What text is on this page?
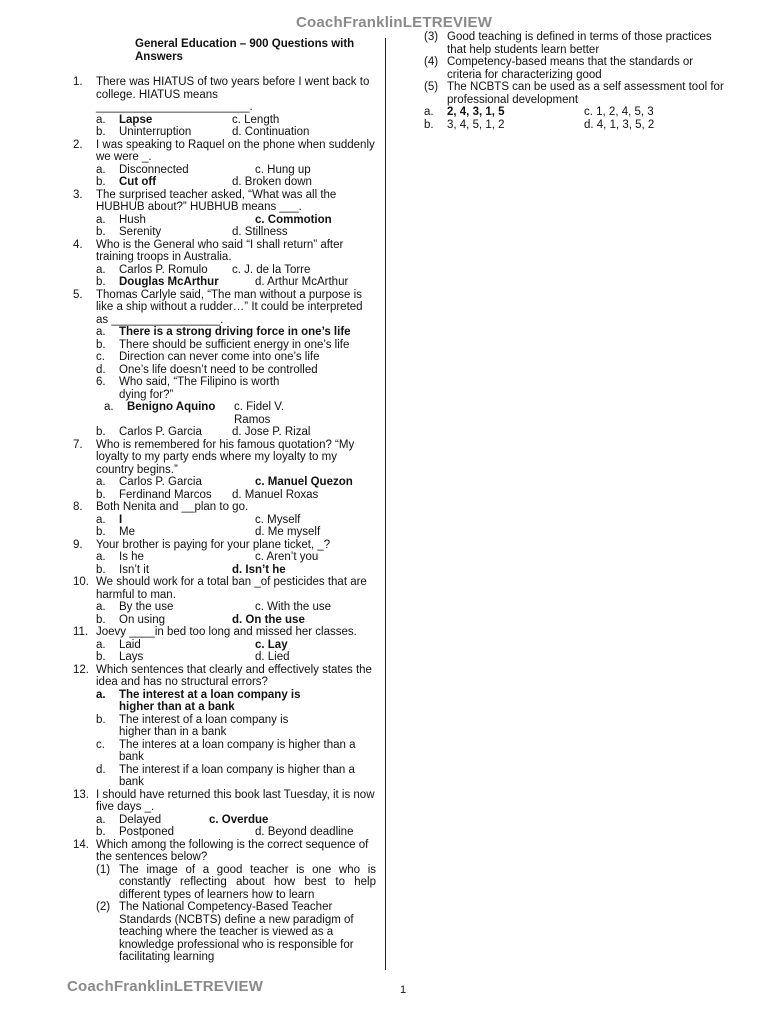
CoachFranklinLETREVIEW
CoachFranklinLETREVIEW	1
General Education – 900 Questions with Answers
1.	There was HIATUS of two years before I went back to college. HIATUS means ________________________.
a.	Lapse	c. Length
b.	Uninterruption	d. Continuation
2.	I was speaking to Raquel on the phone when suddenly we were _.
a.	Disconnected	c. Hung up
b.	Cut off	d. Broken down
3.	The surprised teacher asked, “What was all the HUBHUB about?” HUBHUB means ___.
a.	Hush	c. Commotion
b.	Serenity	d. Stillness
4.	Who is the General who said “I shall return” after training troops in Australia.
a.	Carlos P. Romulo	c. J. de la Torre
b.	Douglas McArthur	d. Arthur McArthur
5.	Thomas Carlyle said, “The man without a purpose is like a ship without a rudder…” It could be interpreted as _________________.
a.	There is a strong driving force in one’s life
b.	There should be sufficient energy in one’s life
c.	Direction can never come into one’s life
d.	One’s life doesn’t need to be controlled
6.	Who said, “The Filipino is worth dying for?”
a.	Benigno Aquino	c. Fidel V. Ramos
b.	Carlos P. Garcia	d. Jose P. Rizal
7.	Who is remembered for his famous quotation? “My loyalty to my party ends where my loyalty to my country begins.”
a.	Carlos P. Garcia	c. Manuel Quezon
b.	Ferdinand Marcos	d. Manuel Roxas
8.	Both Nenita and __plan to go.
a.	I	c. Myself
b.	Me	d. Me myself
9.	Your brother is paying for your plane ticket, _?
a.	Is he	c. Aren’t you
b.	Isn’t it	d. Isn’t he
10. We should work for a total ban _of pesticides that are harmful to man.
a.	By the use	c. With the use
b.	On using	d. On the use
11. Joevy ____in bed too long and missed her classes.
a.	Laid	c. Lay
b.	Lays	d. Lied
12. Which sentences that clearly and effectively states the idea and has no structural errors?
a.	The interest at a loan company is higher than at a bank
b.	The interest of a loan company is higher than in a bank
c.	The interes at a loan company is higher than a bank
d.	The interest if a loan company is higher than a bank
13. I should have returned this book last Tuesday, it is now five days _.
a.	Delayed	c. Overdue
b.	Postponed	d. Beyond deadline
14. Which among the following is the correct sequence of the sentences below?
(1) The image of a good teacher is one who is constantly reflecting about how best to help different types of learners how to learn
(2) The National Competency-Based Teacher Standards (NCBTS) define a new paradigm of teaching where the teacher is viewed as a knowledge professional who is responsible for facilitating learning
(3) Good teaching is defined in terms of those practices that help students learn better
(4) Competency-based means that the standards or criteria for characterizing good
(5) The NCBTS can be used as a self assessment tool for professional development
a.	2, 4, 3, 1, 5	c. 1, 2, 4, 5, 3
b.	3, 4, 5, 1, 2	d. 4, 1, 3, 5, 2
